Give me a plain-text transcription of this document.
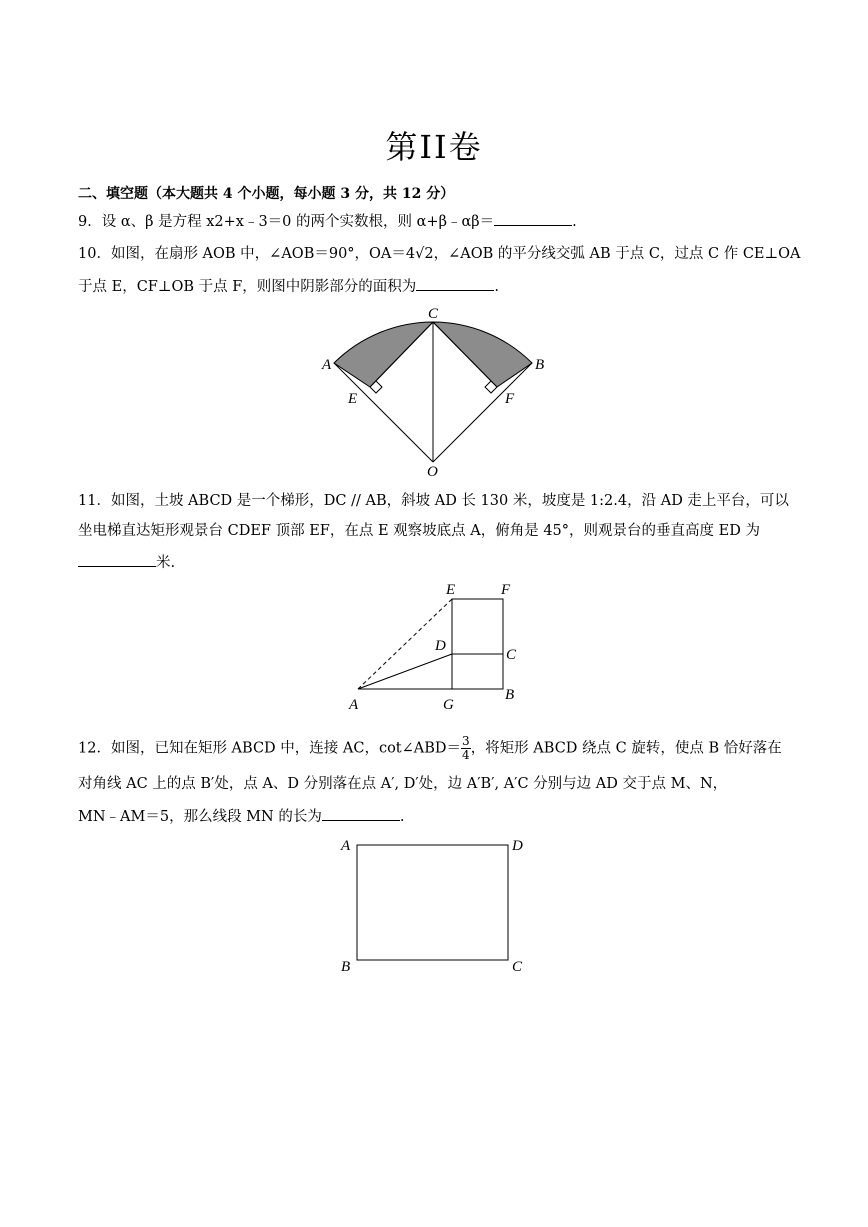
第II卷
二、填空题（本大题共 4 个小题，每小题 3 分，共 12 分）
9．设 α、β 是方程 x2+x﹣3＝0 的两个实数根，则 α+β﹣αβ＝	.
10．如图，在扇形 AOB 中，∠AOB＝90°，OA＝4√2，∠AOB 的平分线交弧 AB 于点 C，过点 C 作 CE⊥OA
于点 E，CF⊥OB 于点 F，则图中阴影部分的面积为	.
C
A	B
E	F
O
11．如图，土坡 ABCD 是一个梯形，DC // AB，斜坡 AD 长 130 米，坡度是 1:2.4，沿 AD 走上平台，可以
坐电梯直达矩形观景台 CDEF 顶部 EF，在点 E 观察坡底点 A，俯角是 45°，则观景台的垂直高度 ED 为
米.
E	F
D
C
B
A	G
12．如图，已知在矩形 ABCD 中，连接 AC，cot∠ABD＝ $\frac{3}{4}$ ，将矩形 ABCD 绕点 C 旋转，使点 B 恰好落在
对角线 AC 上的点 B′处，点 A、D 分别落在点 A′, D′处，边 A′B′, A′C 分别与边 AD 交于点 M、N，
MN﹣AM＝5，那么线段 MN 的长为	.
A	D
B	C
